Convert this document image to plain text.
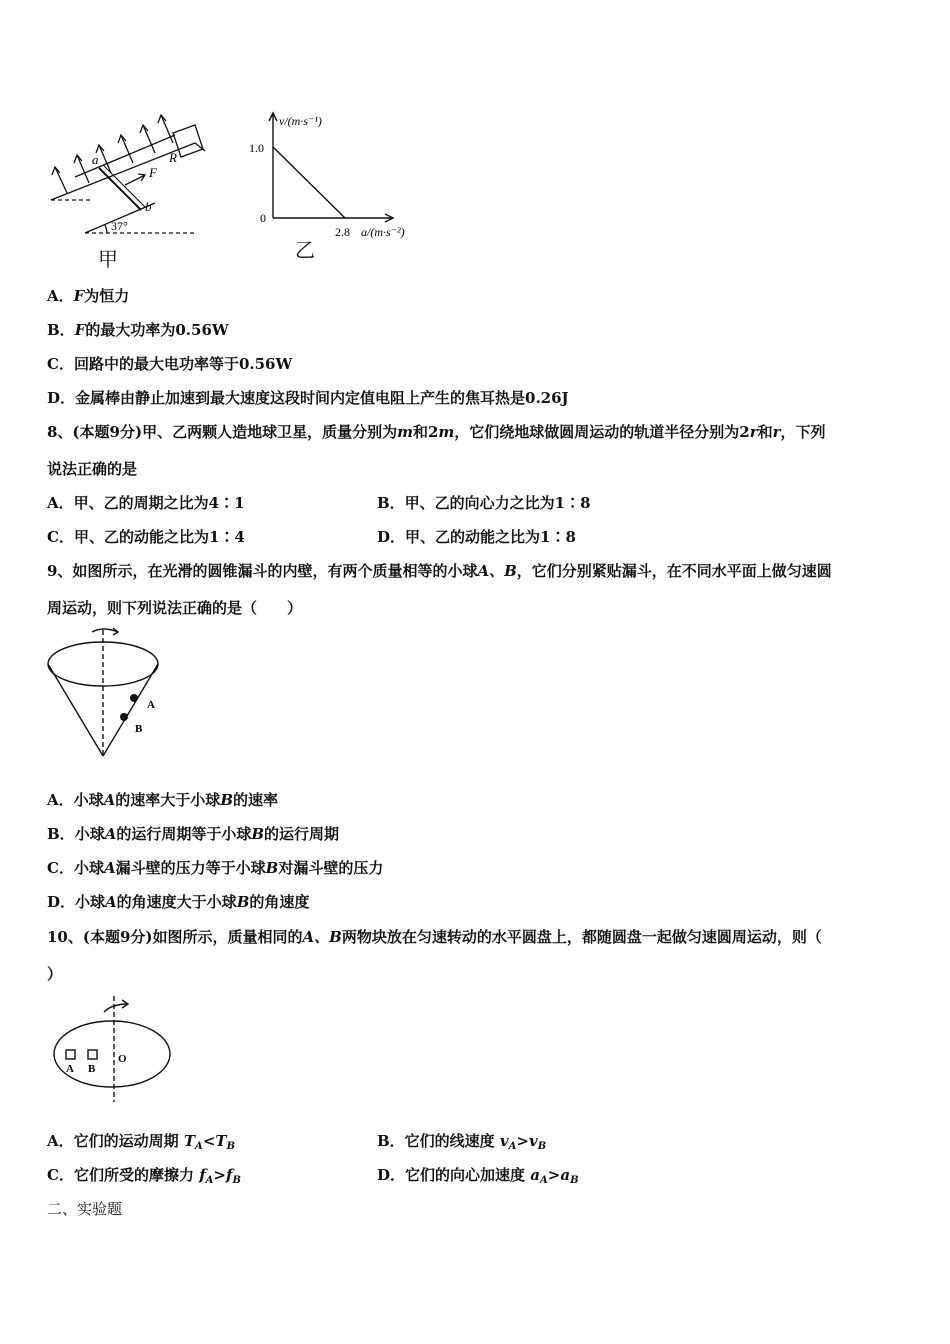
a
b
R
F
37°
甲
v/(m·s⁻¹)
1.0
0
2.8 a/(m·s⁻²)
乙
A．F为恒力
B．F的最大功率为0.56W
C．回路中的最大电功率等于0.56W
D．金属棒由静止加速到最大速度这段时间内定值电阻上产生的焦耳热是0.26J
8、(本题9分)甲、乙两颗人造地球卫星，质量分别为m和2m，它们绕地球做圆周运动的轨道半径分别为2r和r，下列
说法正确的是
A．甲、乙的周期之比为4∶1	B．甲、乙的向心力之比为1∶8
C．甲、乙的动能之比为1∶4	D．甲、乙的动能之比为1∶8
9、如图所示，在光滑的圆锥漏斗的内壁，有两个质量相等的小球A、B，它们分别紧贴漏斗，在不同水平面上做匀速圆
周运动，则下列说法正确的是（　　）
A
B
A．小球A的速率大于小球B的速率
B．小球A的运行周期等于小球B的运行周期
C．小球A漏斗壁的压力等于小球B对漏斗壁的压力
D．小球A的角速度大于小球B的角速度
10、(本题9分)如图所示，质量相同的A、B两物块放在匀速转动的水平圆盘上，都随圆盘一起做匀速圆周运动，则（
）
A B
O
A．它们的运动周期 $T_A<T_B$	B．它们的线速度 $v_A>v_B$
C．它们所受的摩擦力 $f_A>f_B$	D．它们的向心加速度 $a_A>a_B$
二、实验题
